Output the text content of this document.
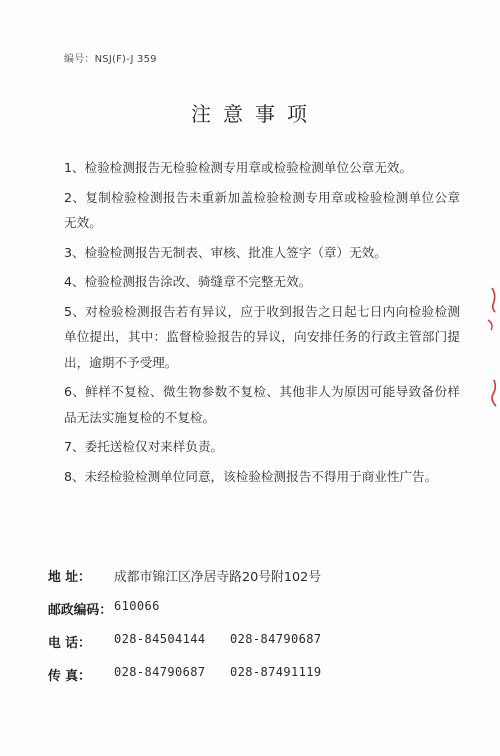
编号：NSJ(F)-J 359
注意事项
1、检验检测报告无检验检测专用章或检验检测单位公章无效。
2、复制检验检测报告未重新加盖检验检测专用章或检验检测单位公章无效。
3、检验检测报告无制表、审核、批准人签字（章）无效。
4、检验检测报告涂改、骑缝章不完整无效。
5、对检验检测报告若有异议，应于收到报告之日起七日内向检验检测单位提出，其中：监督检验报告的异议，向安排任务的行政主管部门提出，逾期不予受理。
6、鲜样不复检、微生物参数不复检、其他非人为原因可能导致备份样品无法实施复检的不复检。
7、委托送检仅对来样负责。
8、未经检验检测单位同意，该检验检测报告不得用于商业性广告。
地 址： 成都市锦江区净居寺路20号附102号
邮政编码： 610066
电 话： 028-84504144 028-84790687
传 真： 028-84790687 028-87491119
